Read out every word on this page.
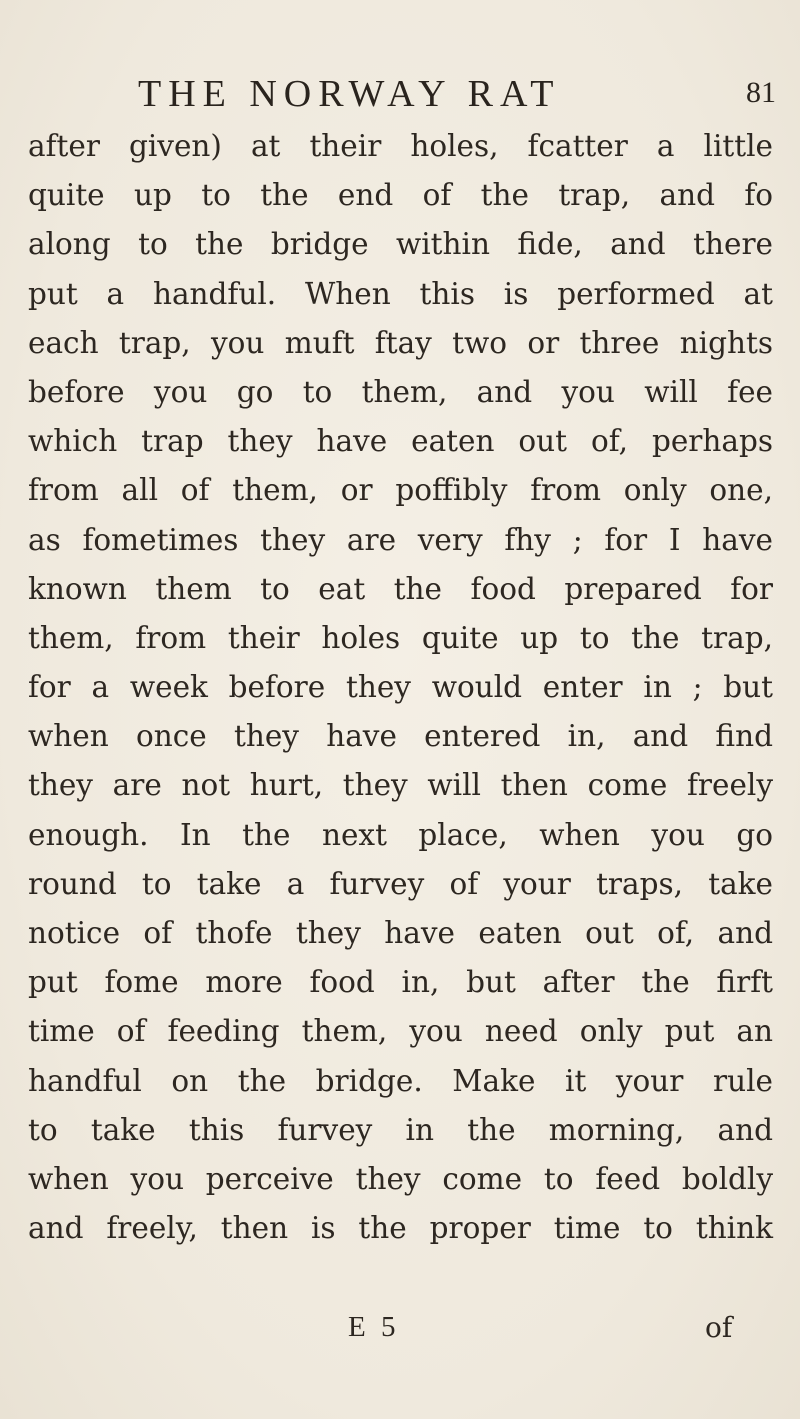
THE NORWAY RAT	81
after given) at their holes, fcatter a little
quite up to the end of the trap, and fo
along to the bridge within fide, and there
put a handful. When this is performed at
each trap, you muft ftay two or three nights
before you go to them, and you will fee
which trap they have eaten out of, perhaps
from all of them, or poffibly from only one,
as fometimes they are very fhy ; for I have
known them to eat the food prepared for
them, from their holes quite up to the trap,
for a week before they would enter in ; but
when once they have entered in, and find
they are not hurt, they will then come freely
enough. In the next place, when you go
round to take a furvey of your traps, take
notice of thofe they have eaten out of, and
put fome more food in, but after the firft
time of feeding them, you need only put an
handful on the bridge. Make it your rule
to take this furvey in the morning, and
when you perceive they come to feed boldly
and freely, then is the proper time to think
E 5	of
